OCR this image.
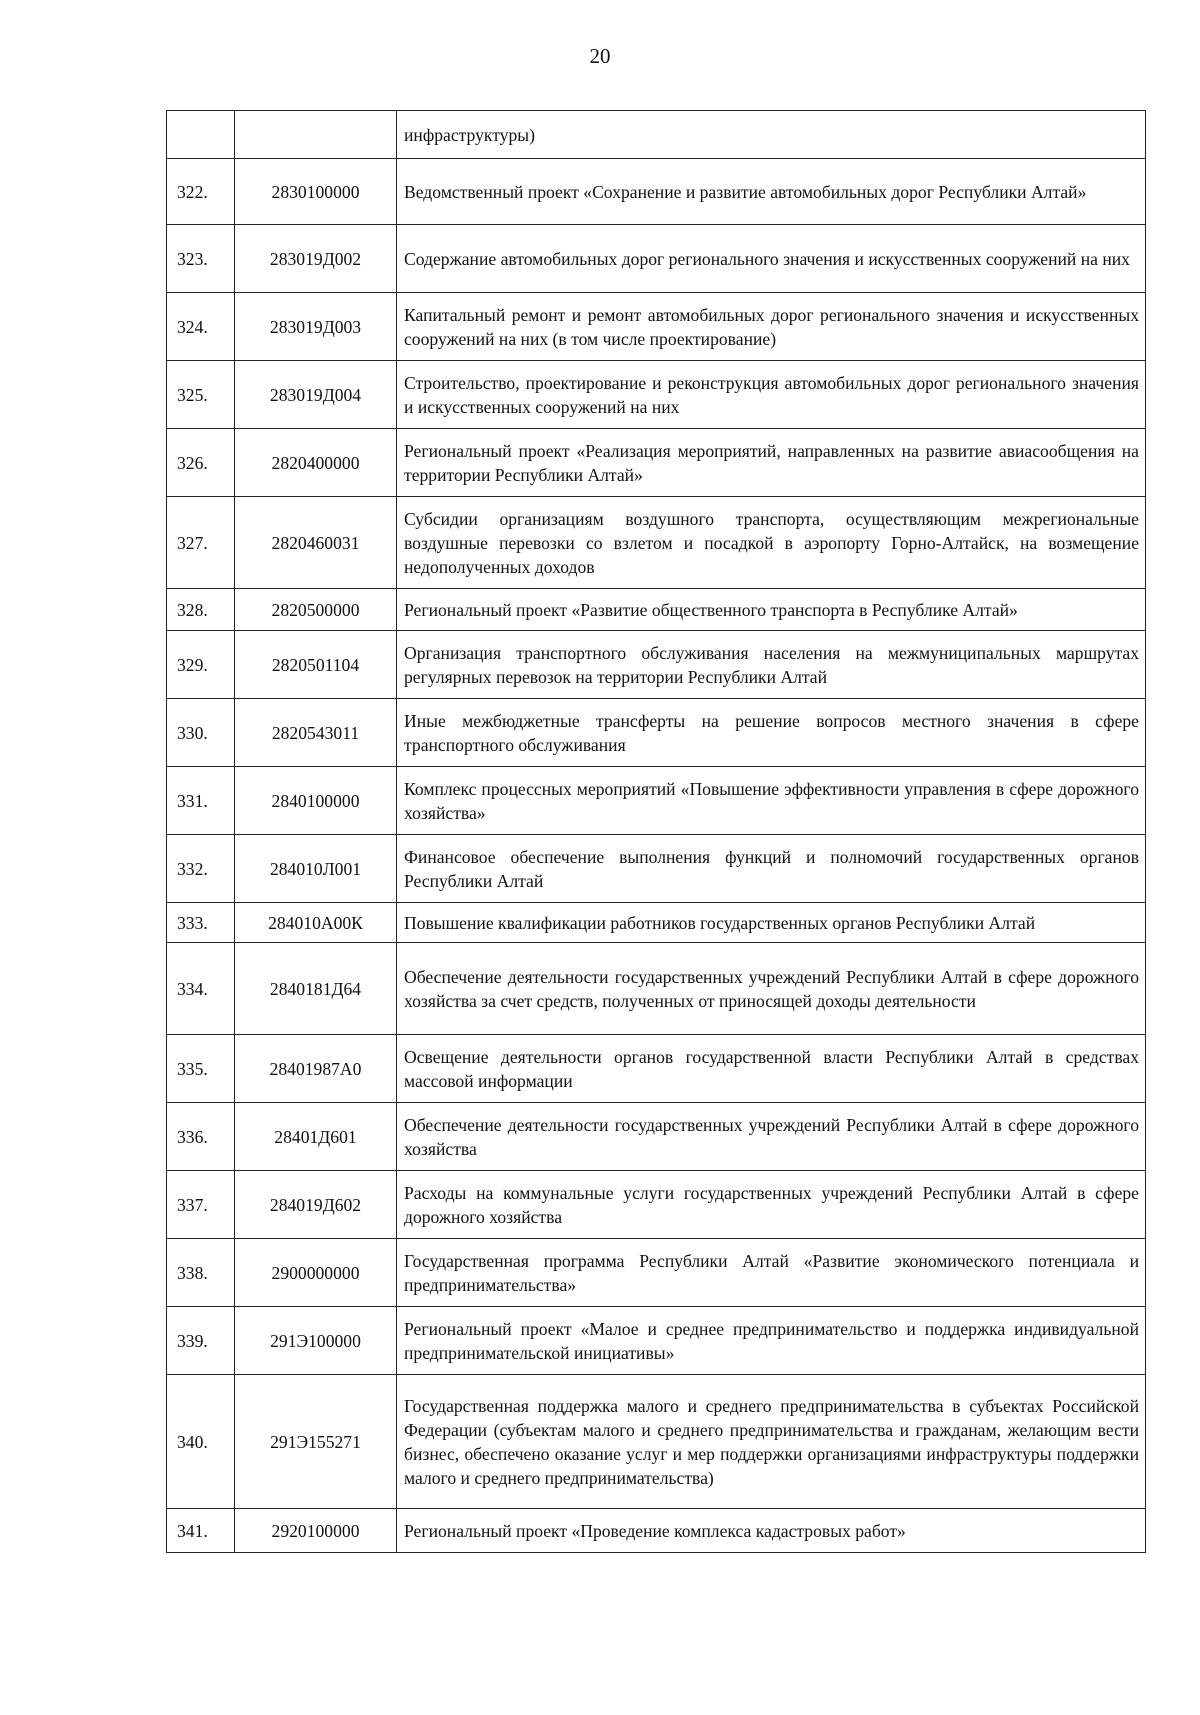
20
		инфраструктуры)
322.	2830100000	Ведомственный проект «Сохранение и развитие автомобильных дорог Республики Алтай»
323.	283019Д002	Содержание автомобильных дорог регионального значения и искусственных сооружений на них
324.	283019Д003	Капитальный ремонт и ремонт автомобильных дорог регионального значения и искусственных сооружений на них (в том числе проектирование)
325.	283019Д004	Строительство, проектирование и реконструкция автомобильных дорог регионального значения и искусственных сооружений на них
326.	2820400000	Региональный проект «Реализация мероприятий, направленных на развитие авиасообщения на территории Республики Алтай»
327.	2820460031	Субсидии организациям воздушного транспорта, осуществляющим межрегиональные воздушные перевозки со взлетом и посадкой в аэропорту Горно-Алтайск, на возмещение недополученных доходов
328.	2820500000	Региональный проект «Развитие общественного транспорта в Республике Алтай»
329.	2820501104	Организация транспортного обслуживания населения на межмуниципальных маршрутах регулярных перевозок на территории Республики Алтай
330.	2820543011	Иные межбюджетные трансферты на решение вопросов местного значения в сфере транспортного обслуживания
331.	2840100000	Комплекс процессных мероприятий «Повышение эффективности управления в сфере дорожного хозяйства»
332.	284010Л001	Финансовое обеспечение выполнения функций и полномочий государственных органов Республики Алтай
333.	284010А00К	Повышение квалификации работников государственных органов Республики Алтай
334.	2840181Д64	Обеспечение деятельности государственных учреждений Республики Алтай в сфере дорожного хозяйства за счет средств, полученных от приносящей доходы деятельности
335.	28401987А0	Освещение деятельности органов государственной власти Республики Алтай в средствах массовой информации
336.	28401Д601	Обеспечение деятельности государственных учреждений Республики Алтай в сфере дорожного хозяйства
337.	284019Д602	Расходы на коммунальные услуги государственных учреждений Республики Алтай в сфере дорожного хозяйства
338.	2900000000	Государственная программа Республики Алтай «Развитие экономического потенциала и предпринимательства»
339.	291Э100000	Региональный проект «Малое и среднее предпринимательство и поддержка индивидуальной предпринимательской инициативы»
340.	291Э155271	Государственная поддержка малого и среднего предпринимательства в субъектах Российской Федерации (субъектам малого и среднего предпринимательства и гражданам, желающим вести бизнес, обеспечено оказание услуг и мер поддержки организациями инфраструктуры поддержки малого и среднего предпринимательства)
341.	2920100000	Региональный проект «Проведение комплекса кадастровых работ»
